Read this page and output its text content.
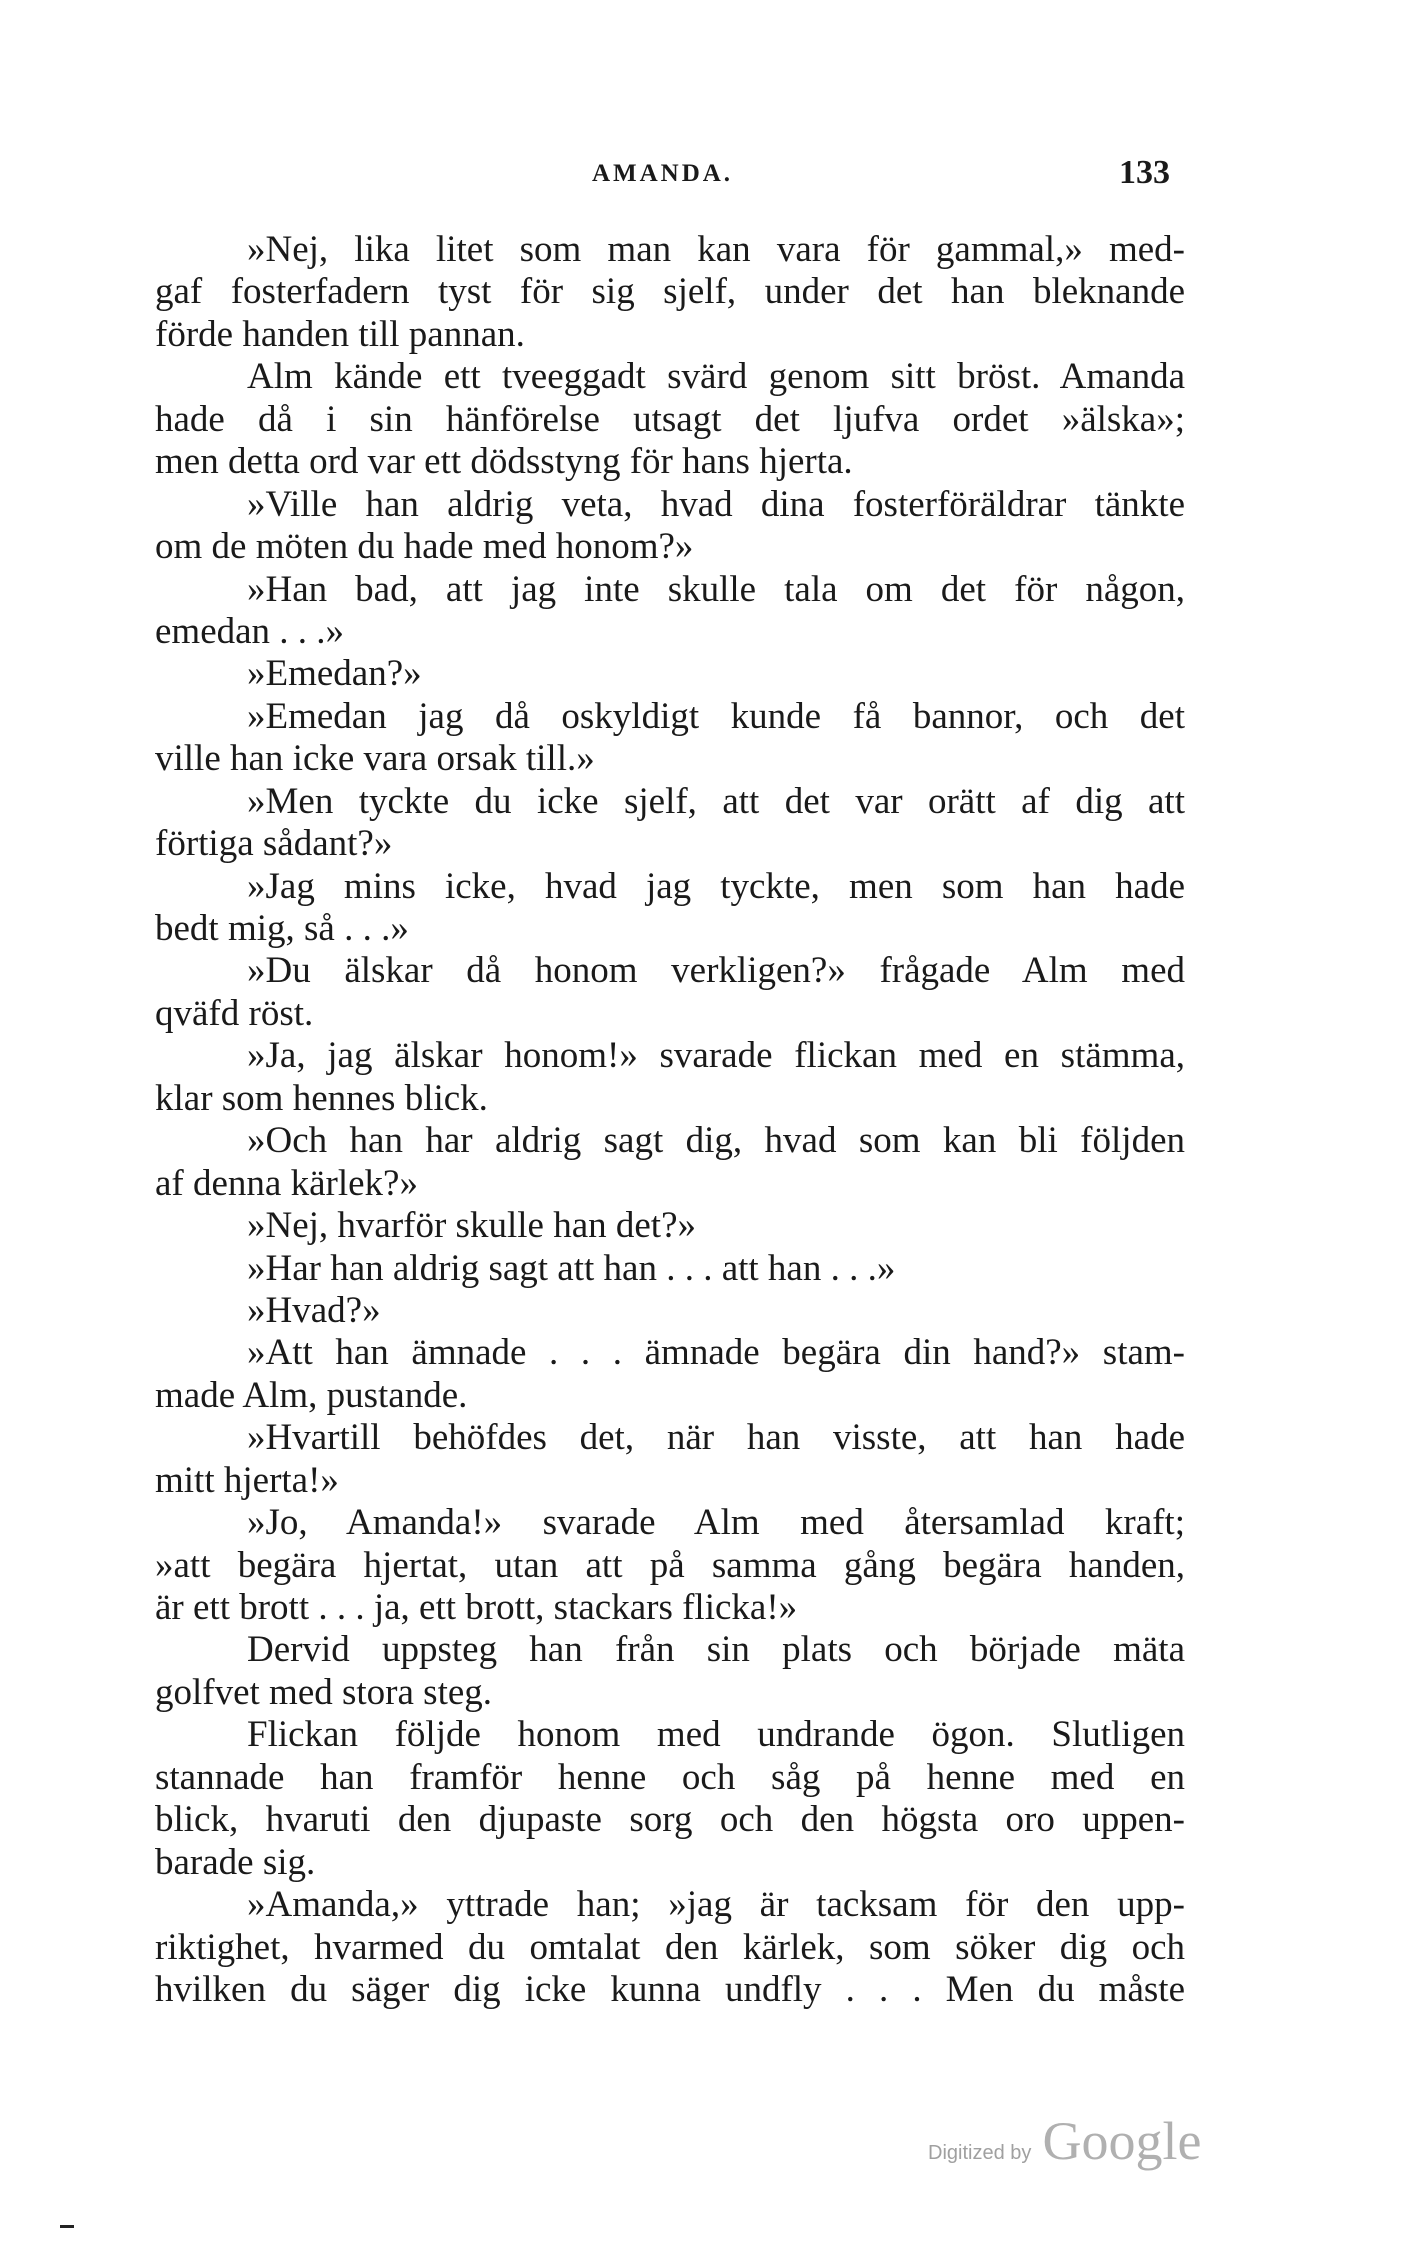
AMANDA.	133
»Nej, lika litet som man kan vara för gammal,» med-
gaf fosterfadern tyst för sig sjelf, under det han bleknande
förde handen till pannan.
Alm kände ett tveeggadt svärd genom sitt bröst. Amanda
hade då i sin hänförelse utsagt det ljufva ordet »älska»;
men detta ord var ett dödsstyng för hans hjerta.
»Ville han aldrig veta, hvad dina fosterföräldrar tänkte
om de möten du hade med honom?»
»Han bad, att jag inte skulle tala om det för någon,
emedan . . .»
»Emedan?»
»Emedan jag då oskyldigt kunde få bannor, och det
ville han icke vara orsak till.»
»Men tyckte du icke sjelf, att det var orätt af dig att
förtiga sådant?»
»Jag mins icke, hvad jag tyckte, men som han hade
bedt mig, så . . .»
»Du älskar då honom verkligen?» frågade Alm med
qväfd röst.
»Ja, jag älskar honom!» svarade flickan med en stämma,
klar som hennes blick.
»Och han har aldrig sagt dig, hvad som kan bli följden
af denna kärlek?»
»Nej, hvarför skulle han det?»
»Har han aldrig sagt att han . . . att han . . .»
»Hvad?»
»Att han ämnade . . . ämnade begära din hand?» stam-
made Alm, pustande.
»Hvartill behöfdes det, när han visste, att han hade
mitt hjerta!»
»Jo, Amanda!» svarade Alm med återsamlad kraft;
»att begära hjertat, utan att på samma gång begära handen,
är ett brott . . . ja, ett brott, stackars flicka!»
Dervid uppsteg han från sin plats och började mäta
golfvet med stora steg.
Flickan följde honom med undrande ögon. Slutligen
stannade han framför henne och såg på henne med en
blick, hvaruti den djupaste sorg och den högsta oro uppen-
barade sig.
»Amanda,» yttrade han; »jag är tacksam för den upp-
riktighet, hvarmed du omtalat den kärlek, som söker dig och
hvilken du säger dig icke kunna undfly . . . Men du måste
Digitized by Google
